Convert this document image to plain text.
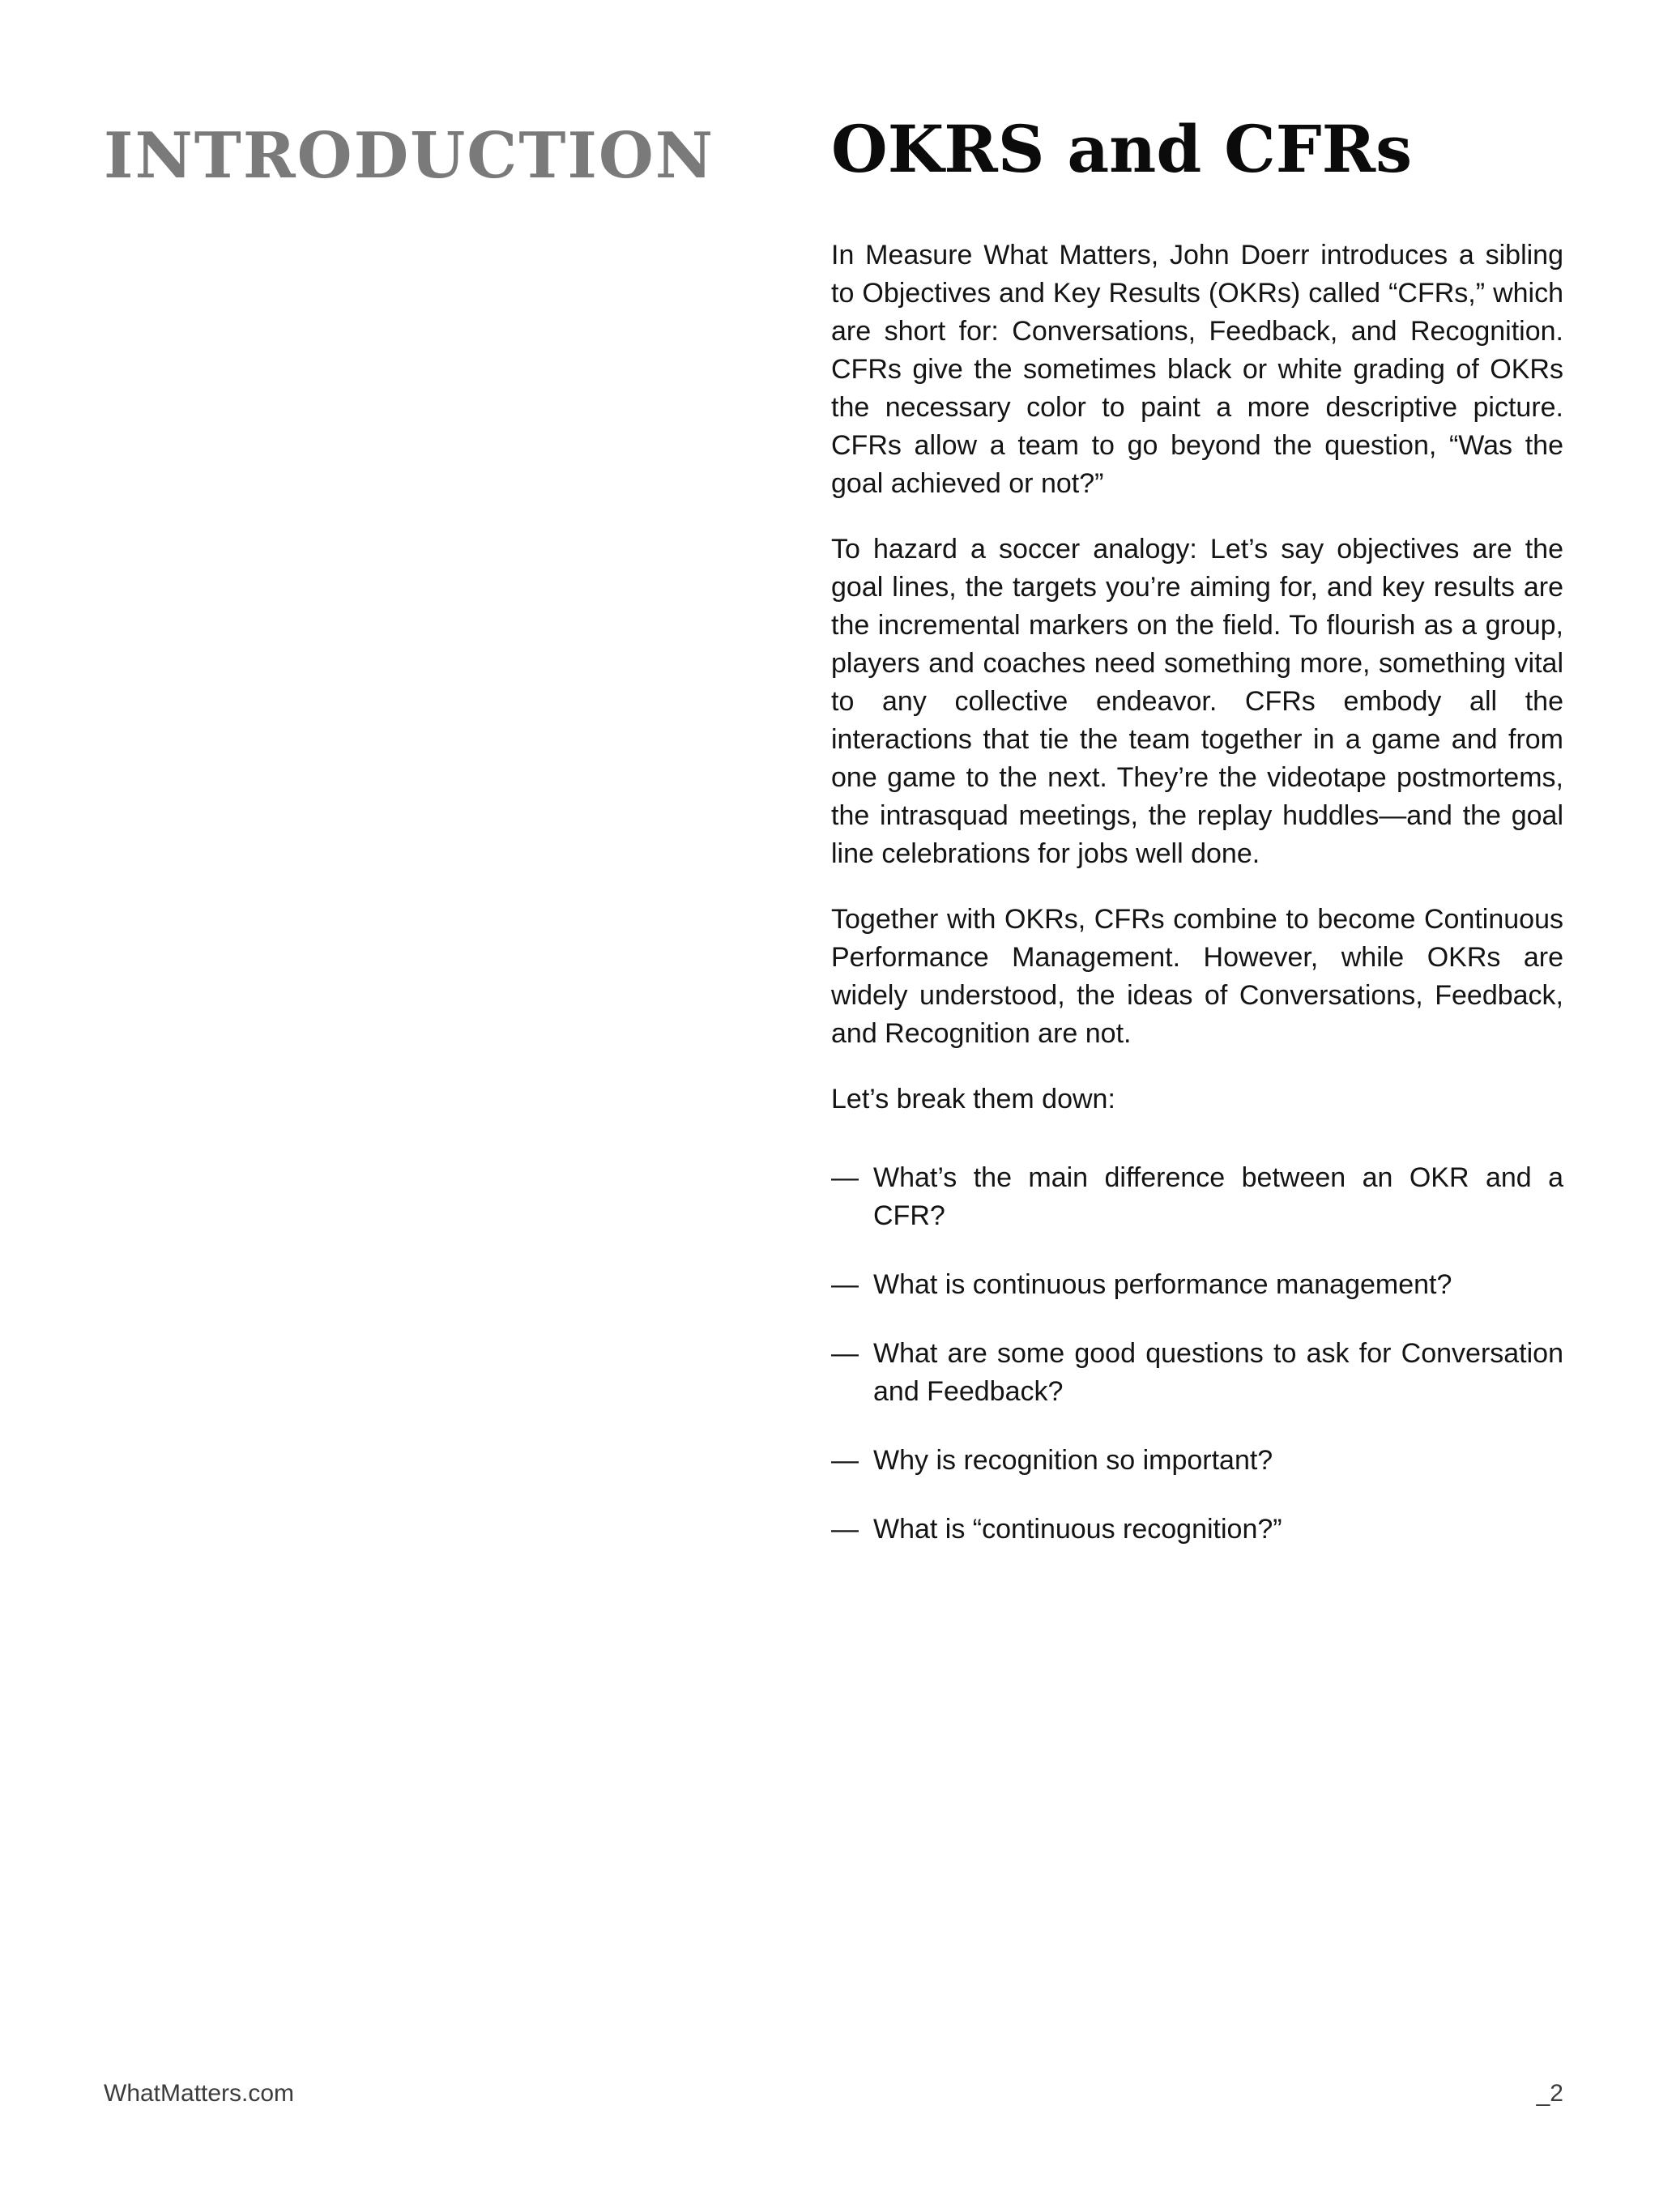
INTRODUCTION OKRS and CFRs

In Measure What Matters, John Doerr introduces a sibling to Objectives and Key Results (OKRs) called “CFRs,” which are short for: Conversations, Feedback, and Recognition. CFRs give the sometimes black or white grading of OKRs the necessary color to paint a more descriptive picture. CFRs allow a team to go beyond the question, “Was the goal achieved or not?”

To hazard a soccer analogy: Let’s say objectives are the goal lines, the targets you’re aiming for, and key results are the incremental markers on the field. To flourish as a group, players and coaches need something more, something vital to any collective endeavor. CFRs embody all the interactions that tie the team together in a game and from one game to the next. They’re the videotape postmortems, the intrasquad meetings, the replay huddles—and the goal line celebrations for jobs well done.

Together with OKRs, CFRs combine to become Continuous Performance Management. However, while OKRs are widely understood, the ideas of Conversations, Feedback, and Recognition are not.

Let’s break them down:

— What’s the main difference between an OKR and a CFR?
— What is continuous performance management?
— What are some good questions to ask for Conversation and Feedback?
— Why is recognition so important?
— What is “continuous recognition?”
WhatMatters.com	_2
